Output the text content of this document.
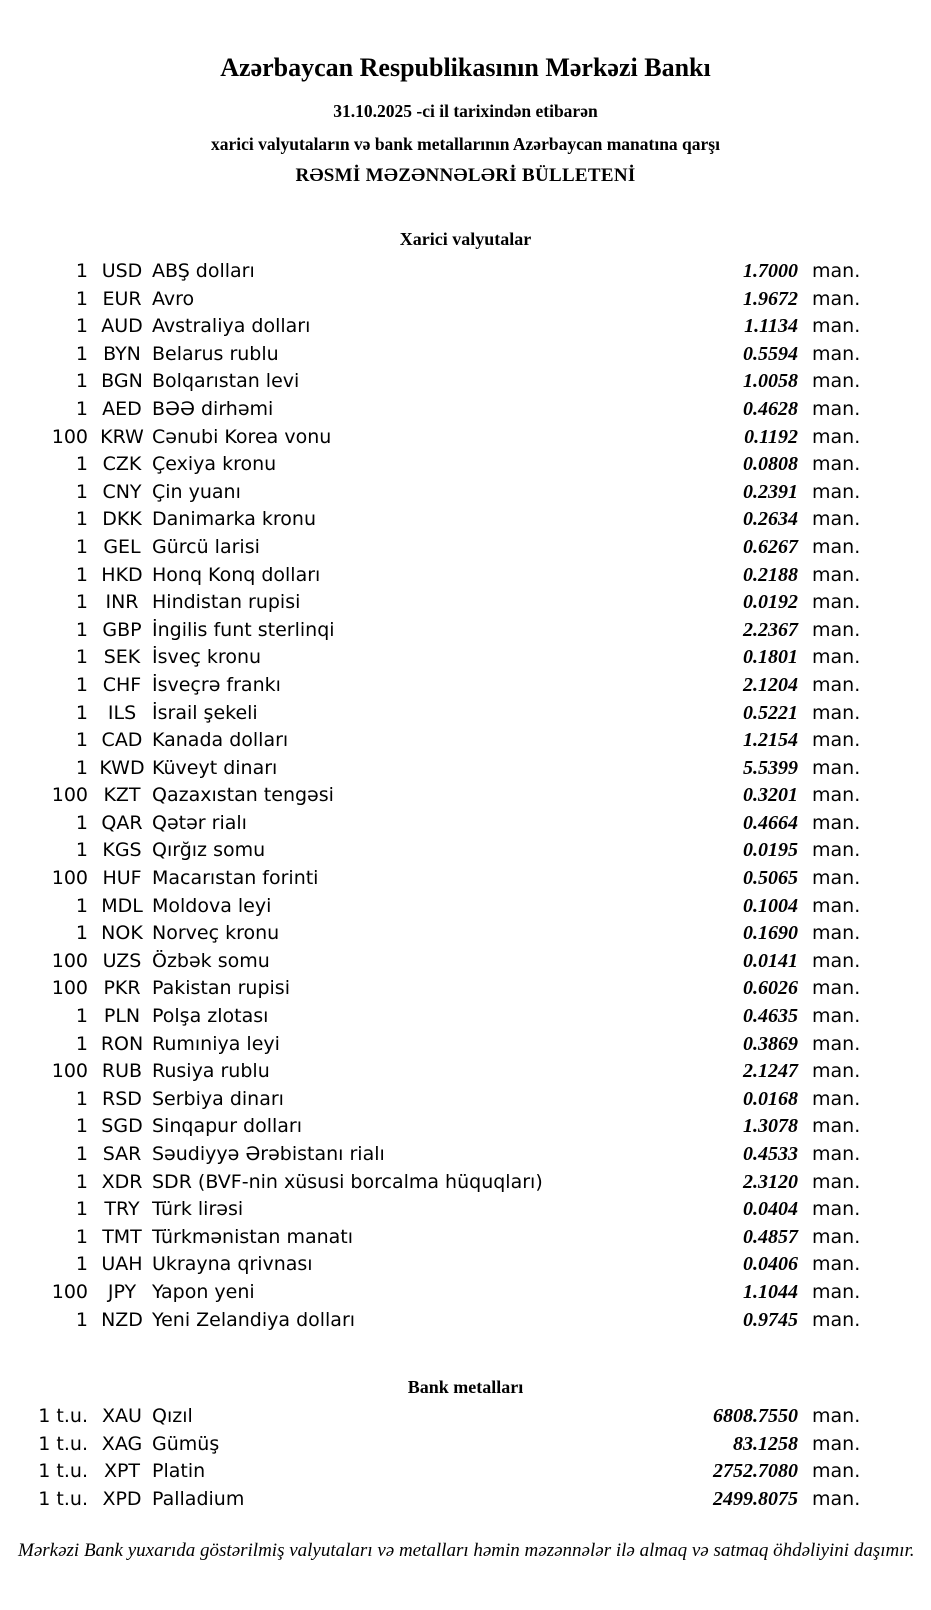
Azərbaycan Respublikasının Mərkəzi Bankı
31.10.2025 -ci il tarixindən etibarən
xarici valyutaların və bank metallarının Azərbaycan manatına qarşı
RƏSMİ MƏZƏNNƏLƏRİ BÜLLETENİ
Xarici valyutalar
1 USD ABŞ dolları	1.7000 man.
1 EUR Avro	1.9672 man.
1 AUD Avstraliya dolları	1.1134 man.
1 BYN Belarus rublu	0.5594 man.
1 BGN Bolqarıstan levi	1.0058 man.
1 AED BƏƏ dirhəmi	0.4628 man.
100 KRW Cənubi Korea vonu	0.1192 man.
1 CZK Çexiya kronu	0.0808 man.
1 CNY Çin yuanı	0.2391 man.
1 DKK Danimarka kronu	0.2634 man.
1 GEL Gürcü larisi	0.6267 man.
1 HKD Honq Konq dolları	0.2188 man.
1 INR Hindistan rupisi	0.0192 man.
1 GBP İngilis funt sterlinqi	2.2367 man.
1 SEK İsveç kronu	0.1801 man.
1 CHF İsveçrə frankı	2.1204 man.
1	ILS İsrail şekeli	0.5221 man.
1 CAD Kanada dolları	1.2154 man.
1 KWD Küveyt dinarı	5.5399 man.
100 KZT Qazaxıstan tengəsi	0.3201 man.
1 QAR Qətər rialı	0.4664 man.
1 KGS Qırğız somu	0.0195 man.
100 HUF Macarıstan forinti	0.5065 man.
1 MDL Moldova leyi	0.1004 man.
1 NOK Norveç kronu	0.1690 man.
100 UZS Özbək somu	0.0141 man.
100 PKR Pakistan rupisi	0.6026 man.
1 PLN Polşa zlotası	0.4635 man.
1 RON Rumıniya leyi	0.3869 man.
100 RUB Rusiya rublu	2.1247 man.
1 RSD Serbiya dinarı	0.0168 man.
1 SGD Sinqapur dolları	1.3078 man.
1 SAR Səudiyyə Ərəbistanı rialı	0.4533 man.
1 XDR SDR (BVF-nin xüsusi borcalma hüquqları)	2.3120 man.
1 TRY Türk lirəsi	0.0404 man.
1 TMT Türkmənistan manatı	0.4857 man.
1 UAH Ukrayna qrivnası	0.0406 man.
100	JPY Yapon yeni	1.1044 man.
1 NZD Yeni Zelandiya dolları	0.9745 man.
Bank metalları
1 t.u. XAU Qızıl	6808.7550 man.
1 t.u. XAG Gümüş	83.1258 man.
1 t.u. XPT Platin	2752.7080 man.
1 t.u. XPD Palladium	2499.8075 man.
Mərkəzi Bank yuxarıda göstərilmiş valyutaları və metalları həmin məzənnələr ilə almaq və satmaq öhdəliyini daşımır.
